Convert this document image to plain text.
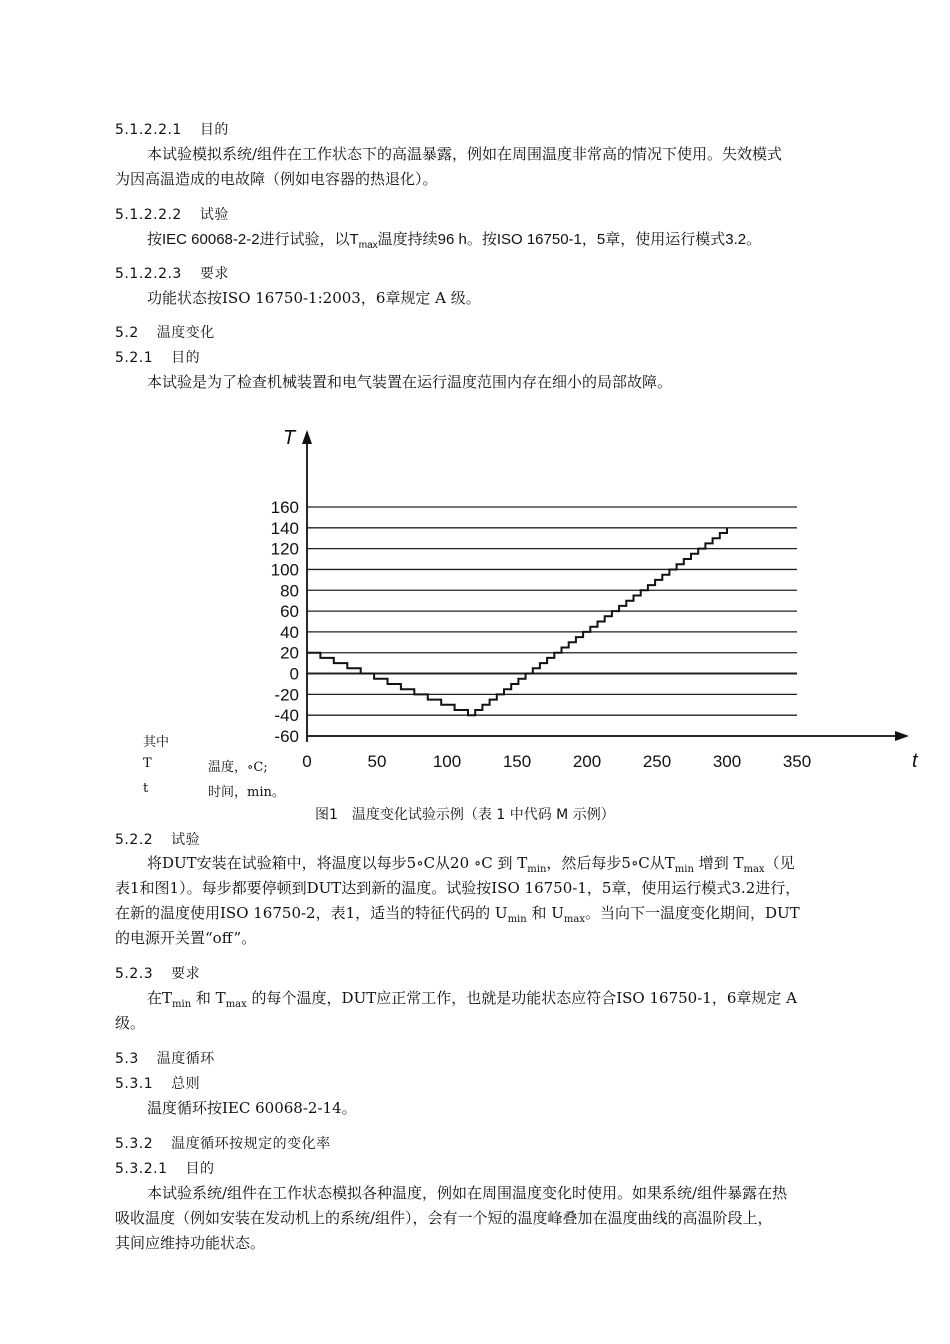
5.1.2.2.1 目的
本试验模拟系统/组件在工作状态下的高温暴露，例如在周围温度非常高的情况下使用。失效模式
为因高温造成的电故障（例如电容器的热退化）。
5.1.2.2.2 试验
按IEC 60068-2-2进行试验，以$T_{max}$温度持续96 h。按ISO 16750-1，5章，使用运行模式3.2。
5.1.2.2.3 要求
功能状态按ISO 16750-1:2003，6章规定 A 级。
5.2 温度变化
5.2.1 目的
本试验是为了检查机械装置和电气装置在运行温度范围内存在细小的局部故障。
160
140
120
100
80
60
40
20
0
-20
-40
-60
0	50	100 150 200 250 300 350
T
t
其中
T	温度，∘C;
t	时间，min。
图1　温度变化试验示例（表 1 中代码 M 示例）
5.2.2 试验
将DUT安装在试验箱中，将温度以每步5∘C从20 ∘C 到 $T_{min}$，然后每步5∘C从$T_{min}$ 增到 $T_{max}$（见
表1和图1）。每步都要停顿到DUT达到新的温度。试验按ISO 16750-1，5章，使用运行模式3.2进行，
在新的温度使用ISO 16750-2，表1，适当的特征代码的 $U_{min}$ 和 $U_{max}$。当向下一温度变化期间，DUT
的电源开关置“off”。
5.2.3 要求
在$T_{min}$ 和 $T_{max}$ 的每个温度，DUT应正常工作，也就是功能状态应符合ISO 16750-1，6章规定 A
级。
5.3 温度循环
5.3.1 总则
温度循环按IEC 60068-2-14。
5.3.2 温度循环按规定的变化率
5.3.2.1 目的
本试验系统/组件在工作状态模拟各种温度，例如在周围温度变化时使用。如果系统/组件暴露在热
吸收温度（例如安装在发动机上的系统/组件），会有一个短的温度峰叠加在温度曲线的高温阶段上，
其间应维持功能状态。
